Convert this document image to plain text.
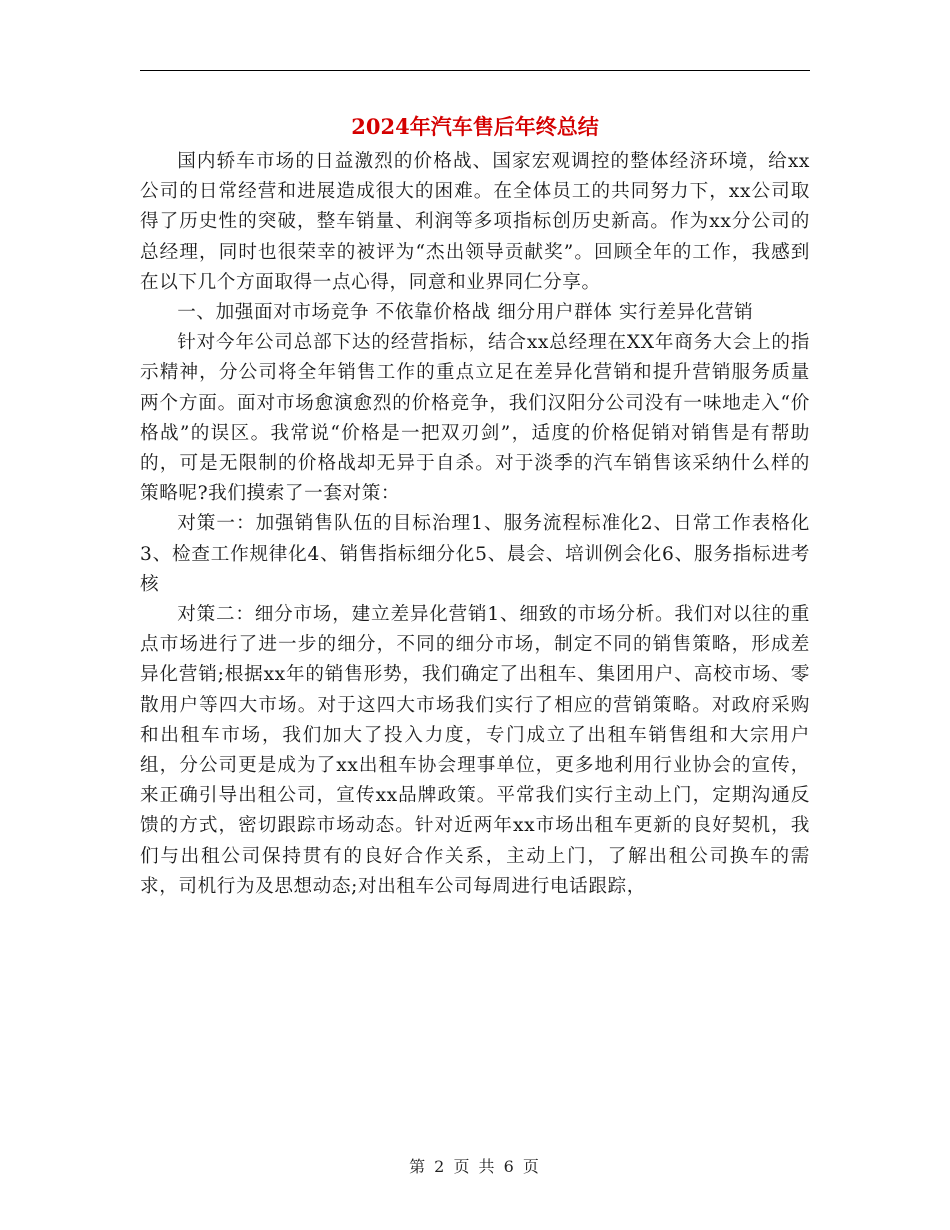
2024年汽车售后年终总结

国内轿车市场的日益激烈的价格战、国家宏观调控的整体经济环境，给xx公司的日常经营和进展造成很大的困难。在全体员工的共同努力下，xx公司取得了历史性的突破，整车销量、利润等多项指标创历史新高。作为xx分公司的总经理，同时也很荣幸的被评为“杰出领导贡献奖”。回顾全年的工作，我感到在以下几个方面取得一点心得，同意和业界同仁分享。

一、加强面对市场竞争 不依靠价格战 细分用户群体 实行差异化营销

针对今年公司总部下达的经营指标，结合xx总经理在XX年商务大会上的指示精神，分公司将全年销售工作的重点立足在差异化营销和提升营销服务质量两个方面。面对市场愈演愈烈的价格竞争，我们汉阳分公司没有一味地走入“价格战”的误区。我常说“价格是一把双刃剑”，适度的价格促销对销售是有帮助的，可是无限制的价格战却无异于自杀。对于淡季的汽车销售该采纳什么样的策略呢?我们摸索了一套对策：

对策一：加强销售队伍的目标治理1、服务流程标准化2、日常工作表格化3、检查工作规律化4、销售指标细分化5、晨会、培训例会化6、服务指标进考核

对策二：细分市场，建立差异化营销1、细致的市场分析。我们对以往的重点市场进行了进一步的细分，不同的细分市场，制定不同的销售策略，形成差异化营销;根据xx年的销售形势，我们确定了出租车、集团用户、高校市场、零散用户等四大市场。对于这四大市场我们实行了相应的营销策略。对政府采购和出租车市场，我们加大了投入力度，专门成立了出租车销售组和大宗用户组，分公司更是成为了xx出租车协会理事单位，更多地利用行业协会的宣传，来正确引导出租公司，宣传xx品牌政策。平常我们实行主动上门，定期沟通反馈的方式，密切跟踪市场动态。针对近两年xx市场出租车更新的良好契机，我们与出租公司保持贯有的良好合作关系，主动上门，了解出租公司换车的需求，司机行为及思想动态;对出租车公司每周进行电话跟踪，

第 2 页 共 6 页
